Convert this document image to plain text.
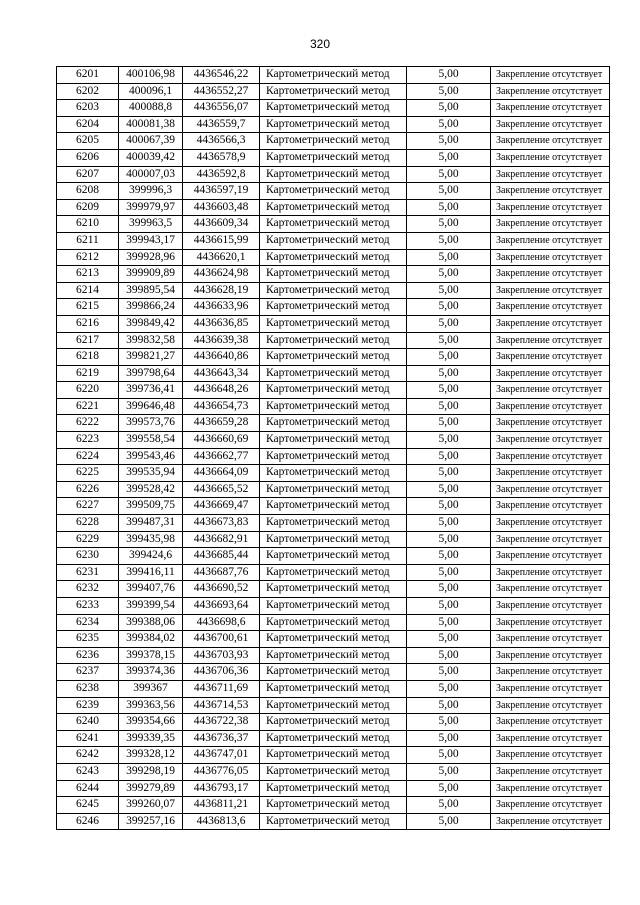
320
6201	400106,98	4436546,22	Картометрический метод	5,00	Закрепление отсутствует
6202	400096,1	4436552,27	Картометрический метод	5,00	Закрепление отсутствует
6203	400088,8	4436556,07	Картометрический метод	5,00	Закрепление отсутствует
6204	400081,38	4436559,7	Картометрический метод	5,00	Закрепление отсутствует
6205	400067,39	4436566,3	Картометрический метод	5,00	Закрепление отсутствует
6206	400039,42	4436578,9	Картометрический метод	5,00	Закрепление отсутствует
6207	400007,03	4436592,8	Картометрический метод	5,00	Закрепление отсутствует
6208	399996,3	4436597,19	Картометрический метод	5,00	Закрепление отсутствует
6209	399979,97	4436603,48	Картометрический метод	5,00	Закрепление отсутствует
6210	399963,5	4436609,34	Картометрический метод	5,00	Закрепление отсутствует
6211	399943,17	4436615,99	Картометрический метод	5,00	Закрепление отсутствует
6212	399928,96	4436620,1	Картометрический метод	5,00	Закрепление отсутствует
6213	399909,89	4436624,98	Картометрический метод	5,00	Закрепление отсутствует
6214	399895,54	4436628,19	Картометрический метод	5,00	Закрепление отсутствует
6215	399866,24	4436633,96	Картометрический метод	5,00	Закрепление отсутствует
6216	399849,42	4436636,85	Картометрический метод	5,00	Закрепление отсутствует
6217	399832,58	4436639,38	Картометрический метод	5,00	Закрепление отсутствует
6218	399821,27	4436640,86	Картометрический метод	5,00	Закрепление отсутствует
6219	399798,64	4436643,34	Картометрический метод	5,00	Закрепление отсутствует
6220	399736,41	4436648,26	Картометрический метод	5,00	Закрепление отсутствует
6221	399646,48	4436654,73	Картометрический метод	5,00	Закрепление отсутствует
6222	399573,76	4436659,28	Картометрический метод	5,00	Закрепление отсутствует
6223	399558,54	4436660,69	Картометрический метод	5,00	Закрепление отсутствует
6224	399543,46	4436662,77	Картометрический метод	5,00	Закрепление отсутствует
6225	399535,94	4436664,09	Картометрический метод	5,00	Закрепление отсутствует
6226	399528,42	4436665,52	Картометрический метод	5,00	Закрепление отсутствует
6227	399509,75	4436669,47	Картометрический метод	5,00	Закрепление отсутствует
6228	399487,31	4436673,83	Картометрический метод	5,00	Закрепление отсутствует
6229	399435,98	4436682,91	Картометрический метод	5,00	Закрепление отсутствует
6230	399424,6	4436685,44	Картометрический метод	5,00	Закрепление отсутствует
6231	399416,11	4436687,76	Картометрический метод	5,00	Закрепление отсутствует
6232	399407,76	4436690,52	Картометрический метод	5,00	Закрепление отсутствует
6233	399399,54	4436693,64	Картометрический метод	5,00	Закрепление отсутствует
6234	399388,06	4436698,6	Картометрический метод	5,00	Закрепление отсутствует
6235	399384,02	4436700,61	Картометрический метод	5,00	Закрепление отсутствует
6236	399378,15	4436703,93	Картометрический метод	5,00	Закрепление отсутствует
6237	399374,36	4436706,36	Картометрический метод	5,00	Закрепление отсутствует
6238	399367	4436711,69	Картометрический метод	5,00	Закрепление отсутствует
6239	399363,56	4436714,53	Картометрический метод	5,00	Закрепление отсутствует
6240	399354,66	4436722,38	Картометрический метод	5,00	Закрепление отсутствует
6241	399339,35	4436736,37	Картометрический метод	5,00	Закрепление отсутствует
6242	399328,12	4436747,01	Картометрический метод	5,00	Закрепление отсутствует
6243	399298,19	4436776,05	Картометрический метод	5,00	Закрепление отсутствует
6244	399279,89	4436793,17	Картометрический метод	5,00	Закрепление отсутствует
6245	399260,07	4436811,21	Картометрический метод	5,00	Закрепление отсутствует
6246	399257,16	4436813,6	Картометрический метод	5,00	Закрепление отсутствует
